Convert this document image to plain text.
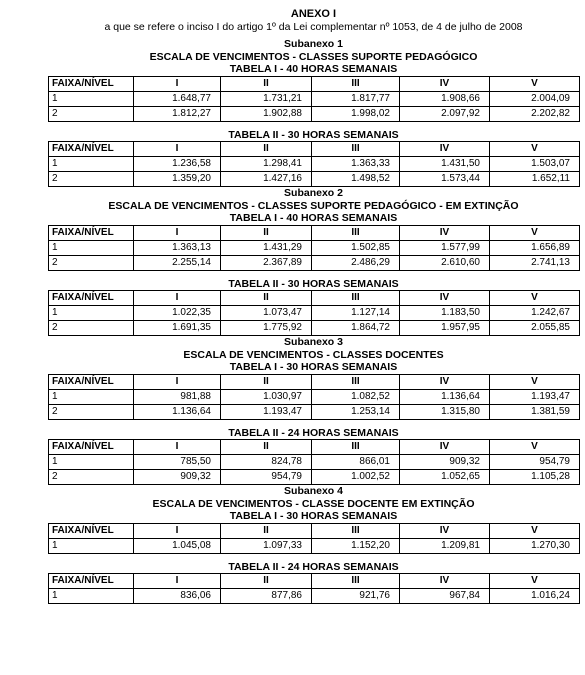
ANEXO I
a que se refere o inciso I do artigo 1º da Lei complementar nº 1053, de 4 de julho de 2008
Subanexo 1
ESCALA DE VENCIMENTOS - CLASSES SUPORTE PEDAGÓGICO
TABELA I - 40 HORAS SEMANAIS
FAIXA/NÍVEL	I	II	III	IV	V
1	1.648,77	1.731,21	1.817,77	1.908,66	2.004,09
2	1.812,27	1.902,88	1.998,02	2.097,92	2.202,82
TABELA II - 30 HORAS SEMANAIS
FAIXA/NÍVEL	I	II	III	IV	V
1	1.236,58	1.298,41	1.363,33	1.431,50	1.503,07
2	1.359,20	1.427,16	1.498,52	1.573,44	1.652,11
Subanexo 2
ESCALA DE VENCIMENTOS - CLASSES SUPORTE PEDAGÓGICO - EM EXTINÇÃO
TABELA I - 40 HORAS SEMANAIS
FAIXA/NÍVEL	I	II	III	IV	V
1	1.363,13	1.431,29	1.502,85	1.577,99	1.656,89
2	2.255,14	2.367,89	2.486,29	2.610,60	2.741,13
TABELA II - 30 HORAS SEMANAIS
FAIXA/NÍVEL	I	II	III	IV	V
1	1.022,35	1.073,47	1.127,14	1.183,50	1.242,67
2	1.691,35	1.775,92	1.864,72	1.957,95	2.055,85
Subanexo 3
ESCALA DE VENCIMENTOS - CLASSES DOCENTES
TABELA I - 30 HORAS SEMANAIS
FAIXA/NÍVEL	I	II	III	IV	V
1	981,88	1.030,97	1.082,52	1.136,64	1.193,47
2	1.136,64	1.193,47	1.253,14	1.315,80	1.381,59
TABELA II - 24 HORAS SEMANAIS
FAIXA/NÍVEL	I	II	III	IV	V
1	785,50	824,78	866,01	909,32	954,79
2	909,32	954,79	1.002,52	1.052,65	1.105,28
Subanexo 4
ESCALA DE VENCIMENTOS - CLASSE DOCENTE EM EXTINÇÃO
TABELA I - 30 HORAS SEMANAIS
FAIXA/NÍVEL	I	II	III	IV	V
1	1.045,08	1.097,33	1.152,20	1.209,81	1.270,30
TABELA II - 24 HORAS SEMANAIS
FAIXA/NÍVEL	I	II	III	IV	V
1	836,06	877,86	921,76	967,84	1.016,24
